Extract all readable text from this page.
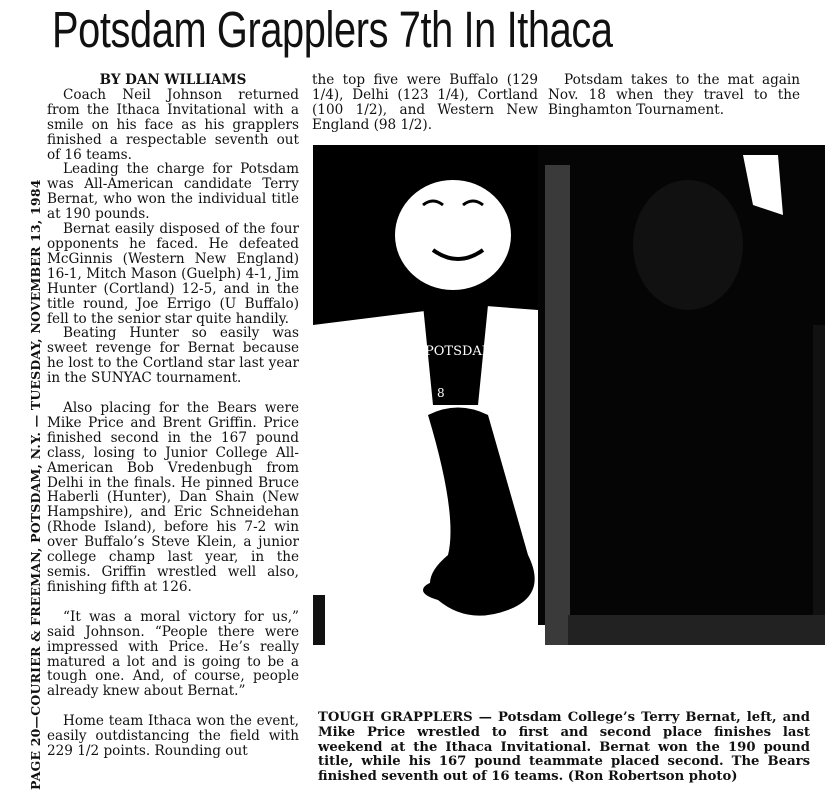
Potsdam Grapplers 7th In Ithaca
PAGE 20—COURIER & FREEMAN, POTSDAM, N.Y. — TUESDAY, NOVEMBER 13, 1984

BY DAN WILLIAMS

Coach Neil Johnson returned from the Ithaca Invitational with a smile on his face as his grapplers finished a respectable seventh out of 16 teams.

Leading the charge for Potsdam was All-American candidate Terry Bernat, who won the individual title at 190 pounds.

Bernat easily disposed of the four opponents he faced. He defeated McGinnis (Western New England) 16-1, Mitch Mason (Guelph) 4-1, Jim Hunter (Cortland) 12-5, and in the title round, Joe Errigo (U Buffalo) fell to the senior star quite handily.

Beating Hunter so easily was sweet revenge for Bernat because he lost to the Cortland star last year in the SUNYAC tournament.

Also placing for the Bears were Mike Price and Brent Griffin. Price finished second in the 167 pound class, losing to Junior College All-American Bob Vredenbugh from Delhi in the finals. He pinned Bruce Haberli (Hunter), Dan Shain (New Hampshire), and Eric Schneidehan (Rhode Island), before his 7-2 win over Buffalo’s Steve Klein, a junior college champ last year, in the semis. Griffin wrestled well also, finishing fifth at 126.

“It was a moral victory for us,” said Johnson. “People there were impressed with Price. He’s really matured a lot and is going to be a tough one. And, of course, people already knew about Bernat.”

Home team Ithaca won the event, easily outdistancing the field with 229 1/2 points. Rounding out

the top five were Buffalo (129 1/4), Delhi (123 1/4), Cortland (100 1/2), and Western New England (98 1/2).

Potsdam takes to the mat again Nov. 18 when they travel to the Binghamton Tournament.

POTSDAM
8
TOUGH GRAPPLERS — Potsdam College’s Terry Bernat, left, and Mike Price wrestled to first and second place finishes last weekend at the Ithaca Invitational. Bernat won the 190 pound title, while his 167 pound teammate placed second. The Bears finished seventh out of 16 teams. (Ron Robertson photo)
